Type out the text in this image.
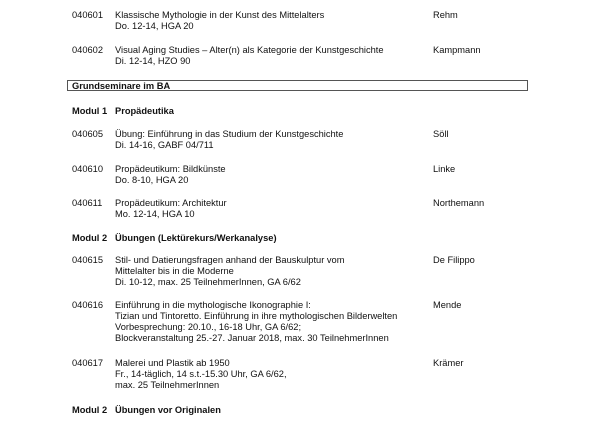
040601	Klassische Mythologie in der Kunst des Mittelalters
Do. 12-14, HGA 20
Rehm
040602	Visual Aging Studies – Alter(n) als Kategorie der Kunstgeschichte
Di. 12-14, HZO 90
Kampmann
Grundseminare im BA
Modul 1 Propädeutika
040605	Übung: Einführung in das Studium der Kunstgeschichte
Di. 14-16, GABF 04/711
Söll
040610	Propädeutikum: Bildkünste
Do. 8-10, HGA 20
Linke
040611	Propädeutikum: Architektur
Mo. 12-14, HGA 10
Northemann
Modul 2 Übungen (Lektürekurs/Werkanalyse)
040615	Stil- und Datierungsfragen anhand der Bauskulptur vom
Mittelalter bis in die Moderne
Di. 10-12, max. 25 TeilnehmerInnen, GA 6/62
De Filippo
040616	Einführung in die mythologische Ikonographie I:
Tizian und Tintoretto. Einführung in ihre mythologischen Bilderwelten
Vorbesprechung: 20.10., 16-18 Uhr, GA 6/62;
Blockveranstaltung 25.-27. Januar 2018, max. 30 TeilnehmerInnen
Mende
040617	Malerei und Plastik ab 1950
Fr., 14-täglich, 14 s.t.-15.30 Uhr, GA 6/62,
max. 25 TeilnehmerInnen
Krämer
Modul 2 Übungen vor Originalen
